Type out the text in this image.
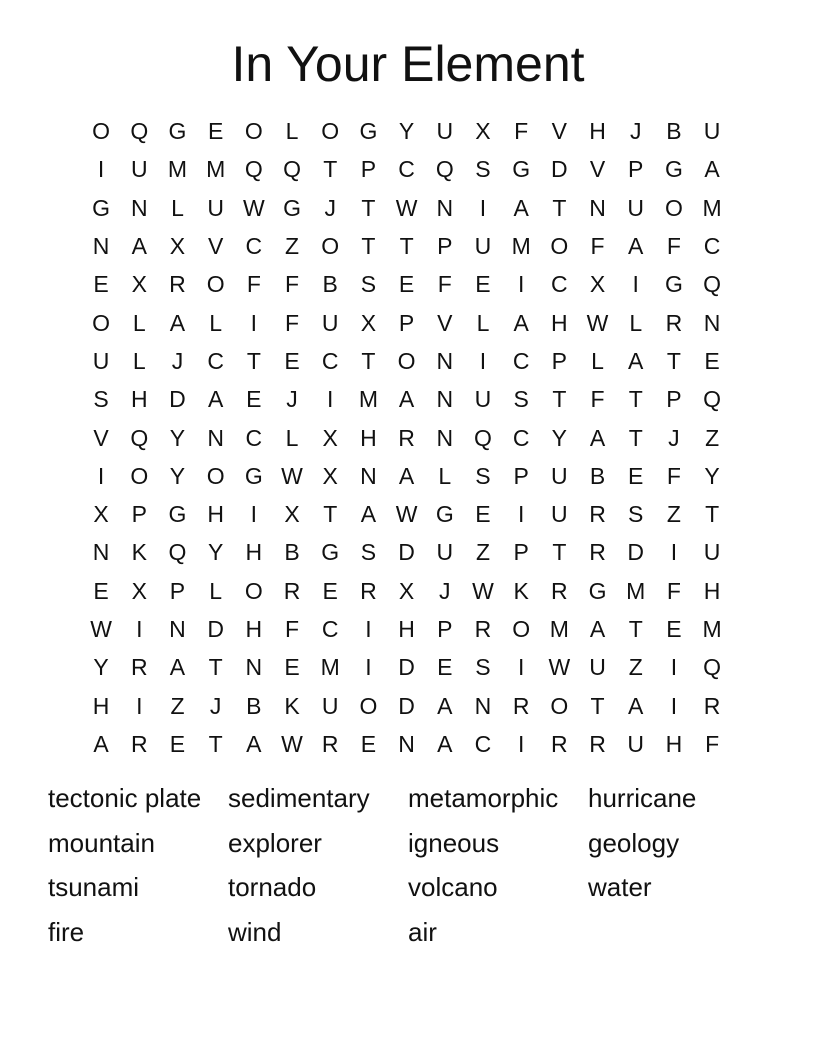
In Your Element
O Q G E O L O G Y U X	F	V H	J	B U
I	U M M Q Q T	P C Q S G D V P G A
G N	L	U W G	J	T W N	I	A	T N U O M
N A X V C Z O T	T	P U M O F	A	F C
E X R O F	F	B S E	F	E	I	C X	I	G Q
O L	A	L	I	F U X P V	L	A H W L	R N
U	L	J	C T	E C T O N	I	C P	L	A	T	E
S H D A E	J	I	M A N U S	T	F	T	P Q
V Q Y N C	L	X H R N Q C Y A	T	J	Z
I	O Y O G W X N A	L	S P U B E	F	Y
X P G H	I	X	T	A W G E	I	U R S	Z	T
N K Q Y H B G S D U Z	P	T R D	I	U
E X P	L O R E R X	J W K R G M F H
W	I	N D H F C	I	H P R O M A	T	E M
Y R A	T N E M	I	D E S	I	W U Z	I	Q
H	I	Z	J	B K U O D A N R O T	A	I	R
A R E	T	A W R E N A C	I	R R U H F
tectonic plate	sedimentary	metamorphic	hurricane
mountain	explorer	igneous	geology
tsunami	tornado	volcano	water
fire	wind	air
